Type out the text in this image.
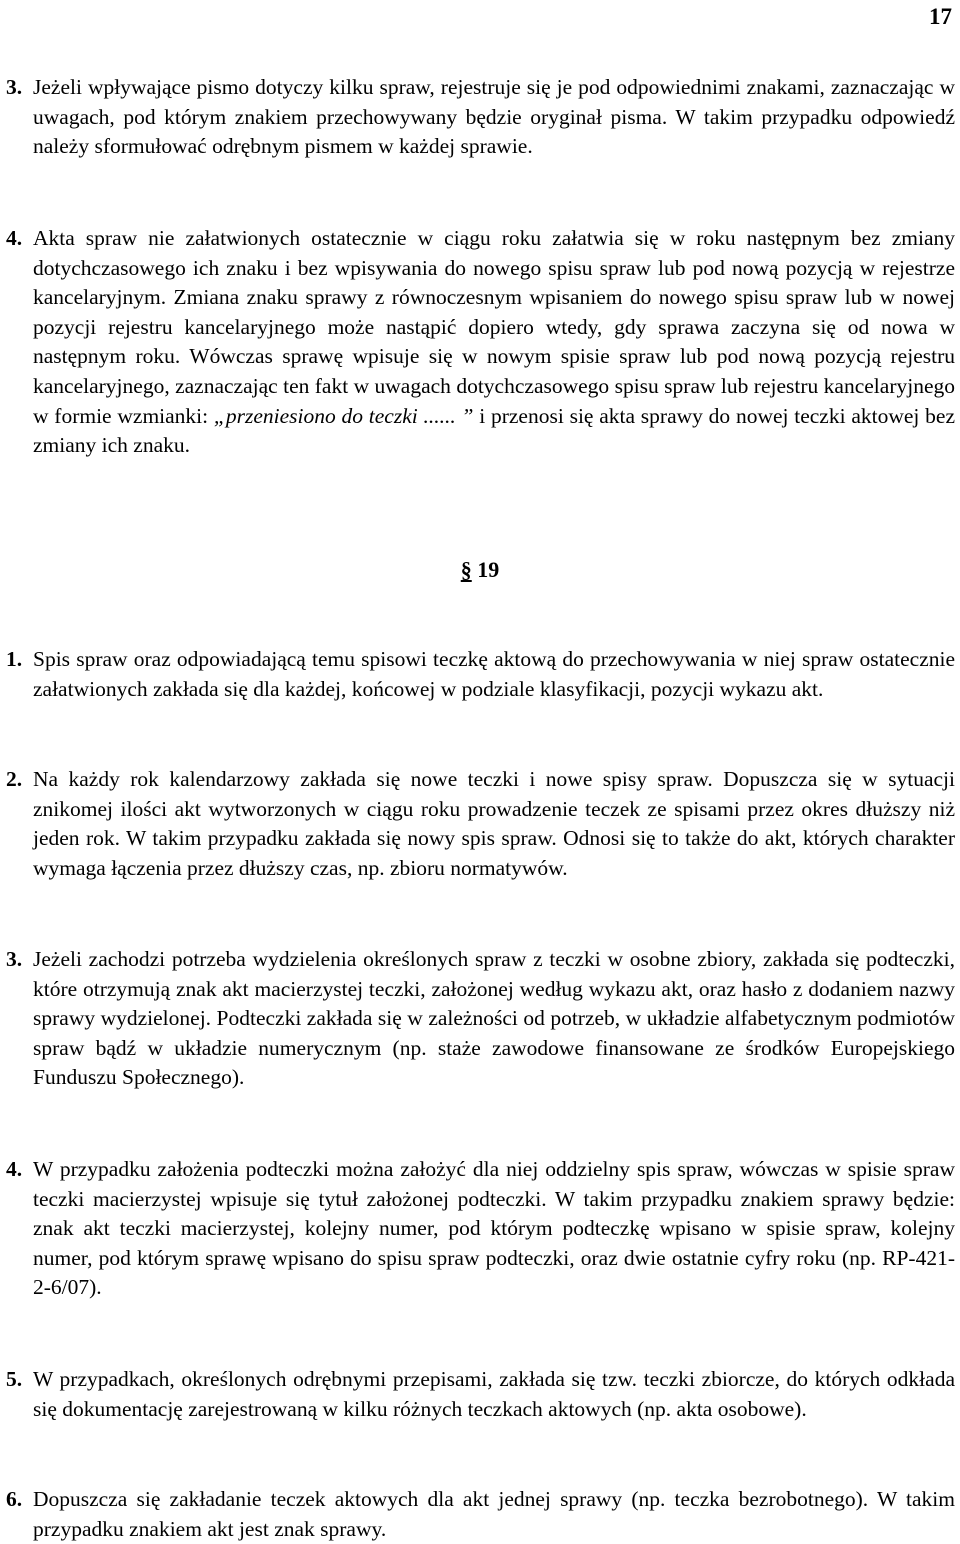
17
3. Jeżeli wpływające pismo dotyczy kilku spraw, rejestruje się je pod odpowiednimi znakami, zaznaczając w uwagach, pod którym znakiem przechowywany będzie oryginał pisma. W takim przypadku odpowiedź należy sformułować odrębnym pismem w każdej sprawie.
4. Akta spraw nie załatwionych ostatecznie w ciągu roku załatwia się w roku następnym bez zmiany dotychczasowego ich znaku i bez wpisywania do nowego spisu spraw lub pod nową pozycją w rejestrze kancelaryjnym. Zmiana znaku sprawy z równoczesnym wpisaniem do nowego spisu spraw lub w nowej pozycji rejestru kancelaryjnego może nastąpić dopiero wtedy, gdy sprawa zaczyna się od nowa w następnym roku. Wówczas sprawę wpisuje się w nowym spisie spraw lub pod nową pozycją rejestru kancelaryjnego, zaznaczając ten fakt w uwagach dotychczasowego spisu spraw lub rejestru kancelaryjnego w formie wzmianki: „przeniesiono do teczki ...... ” i przenosi się akta sprawy do nowej teczki aktowej bez zmiany ich znaku.
§ 19
1. Spis spraw oraz odpowiadającą temu spisowi teczkę aktową do przechowywania w niej spraw ostatecznie załatwionych zakłada się dla każdej, końcowej w podziale klasyfikacji, pozycji wykazu akt.
2. Na każdy rok kalendarzowy zakłada się nowe teczki i nowe spisy spraw. Dopuszcza się w sytuacji znikomej ilości akt wytworzonych w ciągu roku prowadzenie teczek ze spisami przez okres dłuższy niż jeden rok. W takim przypadku zakłada się nowy spis spraw. Odnosi się to także do akt, których charakter wymaga łączenia przez dłuższy czas, np. zbioru normatywów.
3. Jeżeli zachodzi potrzeba wydzielenia określonych spraw z teczki w osobne zbiory, zakłada się podteczki, które otrzymują znak akt macierzystej teczki, założonej według wykazu akt, oraz hasło z dodaniem nazwy sprawy wydzielonej. Podteczki zakłada się w zależności od potrzeb, w układzie alfabetycznym podmiotów spraw bądź w układzie numerycznym (np. staże zawodowe finansowane ze środków Europejskiego Funduszu Społecznego).
4. W przypadku założenia podteczki można założyć dla niej oddzielny spis spraw, wówczas w spisie spraw teczki macierzystej wpisuje się tytuł założonej podteczki. W takim przypadku znakiem sprawy będzie: znak akt teczki macierzystej, kolejny numer, pod którym podteczkę wpisano w spisie spraw, kolejny numer, pod którym sprawę wpisano do spisu spraw podteczki, oraz dwie ostatnie cyfry roku (np. RP-421-2-6/07).
5. W przypadkach, określonych odrębnymi przepisami, zakłada się tzw. teczki zbiorcze, do których odkłada się dokumentację zarejestrowaną w kilku różnych teczkach aktowych (np. akta osobowe).
6. Dopuszcza się zakładanie teczek aktowych dla akt jednej sprawy (np. teczka bezrobotnego). W takim przypadku znakiem akt jest znak sprawy.
